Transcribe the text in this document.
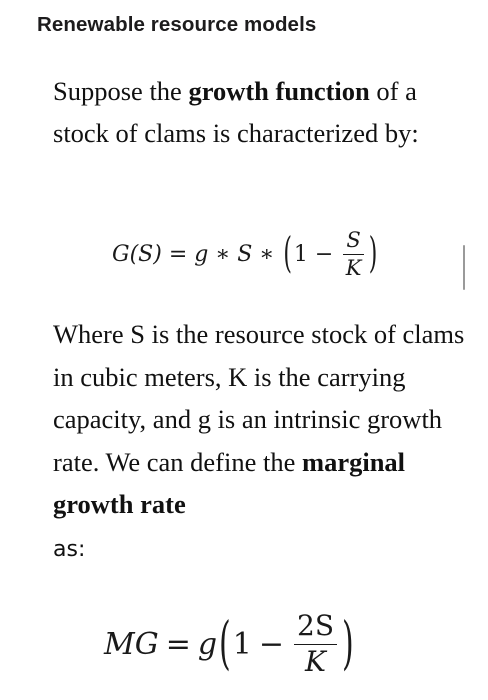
Renewable resource models

Suppose the growth function of a stock of clams is characterized by:

G(S) = g ∗ S ∗ ( $1 - \frac{S}{K}$ )

Where S is the resource stock of clams in cubic meters, K is the carrying capacity, and g is an intrinsic growth rate. We can define the marginal growth rate
as:

MG = g ( $1 - \frac{2S}{K}$ )
